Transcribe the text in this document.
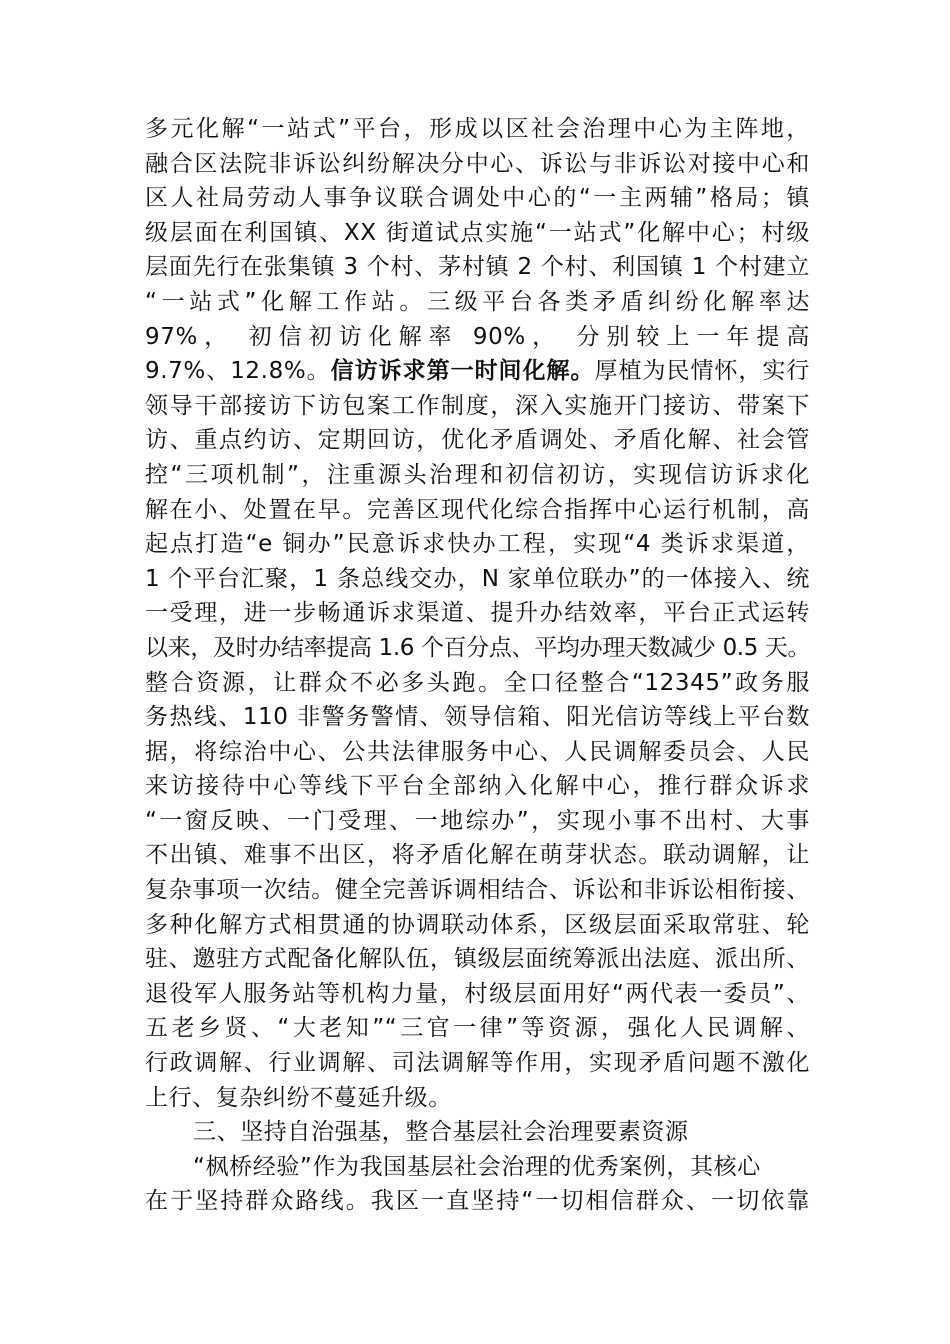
多元化解“一站式”平台，形成以区社会治理中心为主阵地，
融合区法院非诉讼纠纷解决分中心、诉讼与非诉讼对接中心和
区人社局劳动人事争议联合调处中心的“一主两辅”格局；镇
级层面在利国镇、XX 街道试点实施“一站式”化解中心；村级
层面先行在张集镇 3 个村、茅村镇 2 个村、利国镇 1 个村建立
“一站式”化解工作站。三级平台各类矛盾纠纷化解率达
97%， 初信初访化解率 90%， 分别较上一年提高
9.7%、12.8%。信访诉求第一时间化解。厚植为民情怀，实行
领导干部接访下访包案工作制度，深入实施开门接访、带案下
访、重点约访、定期回访，优化矛盾调处、矛盾化解、社会管
控“三项机制”，注重源头治理和初信初访，实现信访诉求化
解在小、处置在早。完善区现代化综合指挥中心运行机制，高
起点打造“e 铜办”民意诉求快办工程，实现“4 类诉求渠道，
1 个平台汇聚，1 条总线交办，N 家单位联办”的一体接入、统
一受理，进一步畅通诉求渠道、提升办结效率，平台正式运转
以来，及时办结率提高 1.6 个百分点、平均办理天数减少 0.5 天。
整合资源，让群众不必多头跑。全口径整合“12345”政务服
务热线、110 非警务警情、领导信箱、阳光信访等线上平台数
据，将综治中心、公共法律服务中心、人民调解委员会、人民
来访接待中心等线下平台全部纳入化解中心，推行群众诉求
“一窗反映、一门受理、一地综办”，实现小事不出村、大事
不出镇、难事不出区，将矛盾化解在萌芽状态。联动调解，让
复杂事项一次结。健全完善诉调相结合、诉讼和非诉讼相衔接、
多种化解方式相贯通的协调联动体系，区级层面采取常驻、轮
驻、邀驻方式配备化解队伍，镇级层面统筹派出法庭、派出所、
退役军人服务站等机构力量，村级层面用好“两代表一委员”、
五老乡贤、“大老知”“三官一律”等资源，强化人民调解、
行政调解、行业调解、司法调解等作用，实现矛盾问题不激化
上行、复杂纠纷不蔓延升级。
三、坚持自治强基，整合基层社会治理要素资源
“枫桥经验”作为我国基层社会治理的优秀案例，其核心
在于坚持群众路线。我区一直坚持“一切相信群众、一切依靠
